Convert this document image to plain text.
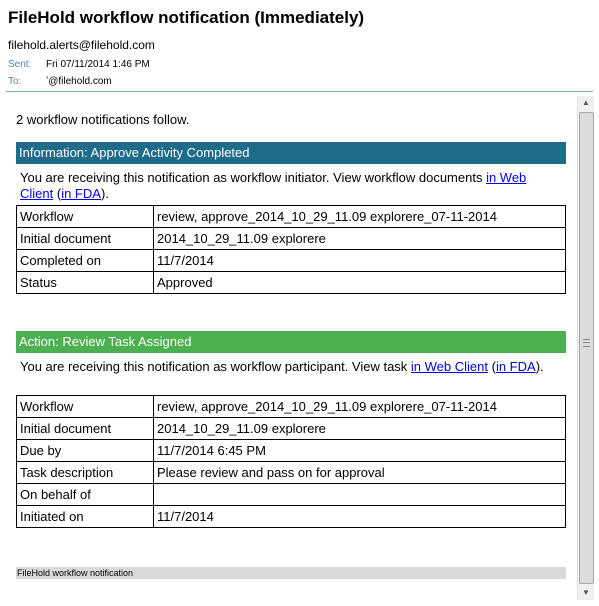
FileHold workflow notification (Immediately)
filehold.alerts@filehold.com
Sent: Fri 07/11/2014 1:46 PM
To: ʼ@filehold.com
2 workflow notifications follow.
Information: Approve Activity Completed
You are receiving this notification as workflow initiator. View workflow documents in Web Client (in FDA).
Workflow	review, approve_2014_10_29_11.09 explorere_07-11-2014
Initial document	2014_10_29_11.09 explorere
Completed on	11/7/2014
Status	Approved
Action: Review Task Assigned
You are receiving this notification as workflow participant. View task in Web Client (in FDA).
Workflow	review, approve_2014_10_29_11.09 explorere_07-11-2014
Initial document	2014_10_29_11.09 explorere
Due by	11/7/2014 6:45 PM
Task description	Please review and pass on for approval
On behalf of	
Initiated on	11/7/2014
FileHold workflow notification
▲
▼
